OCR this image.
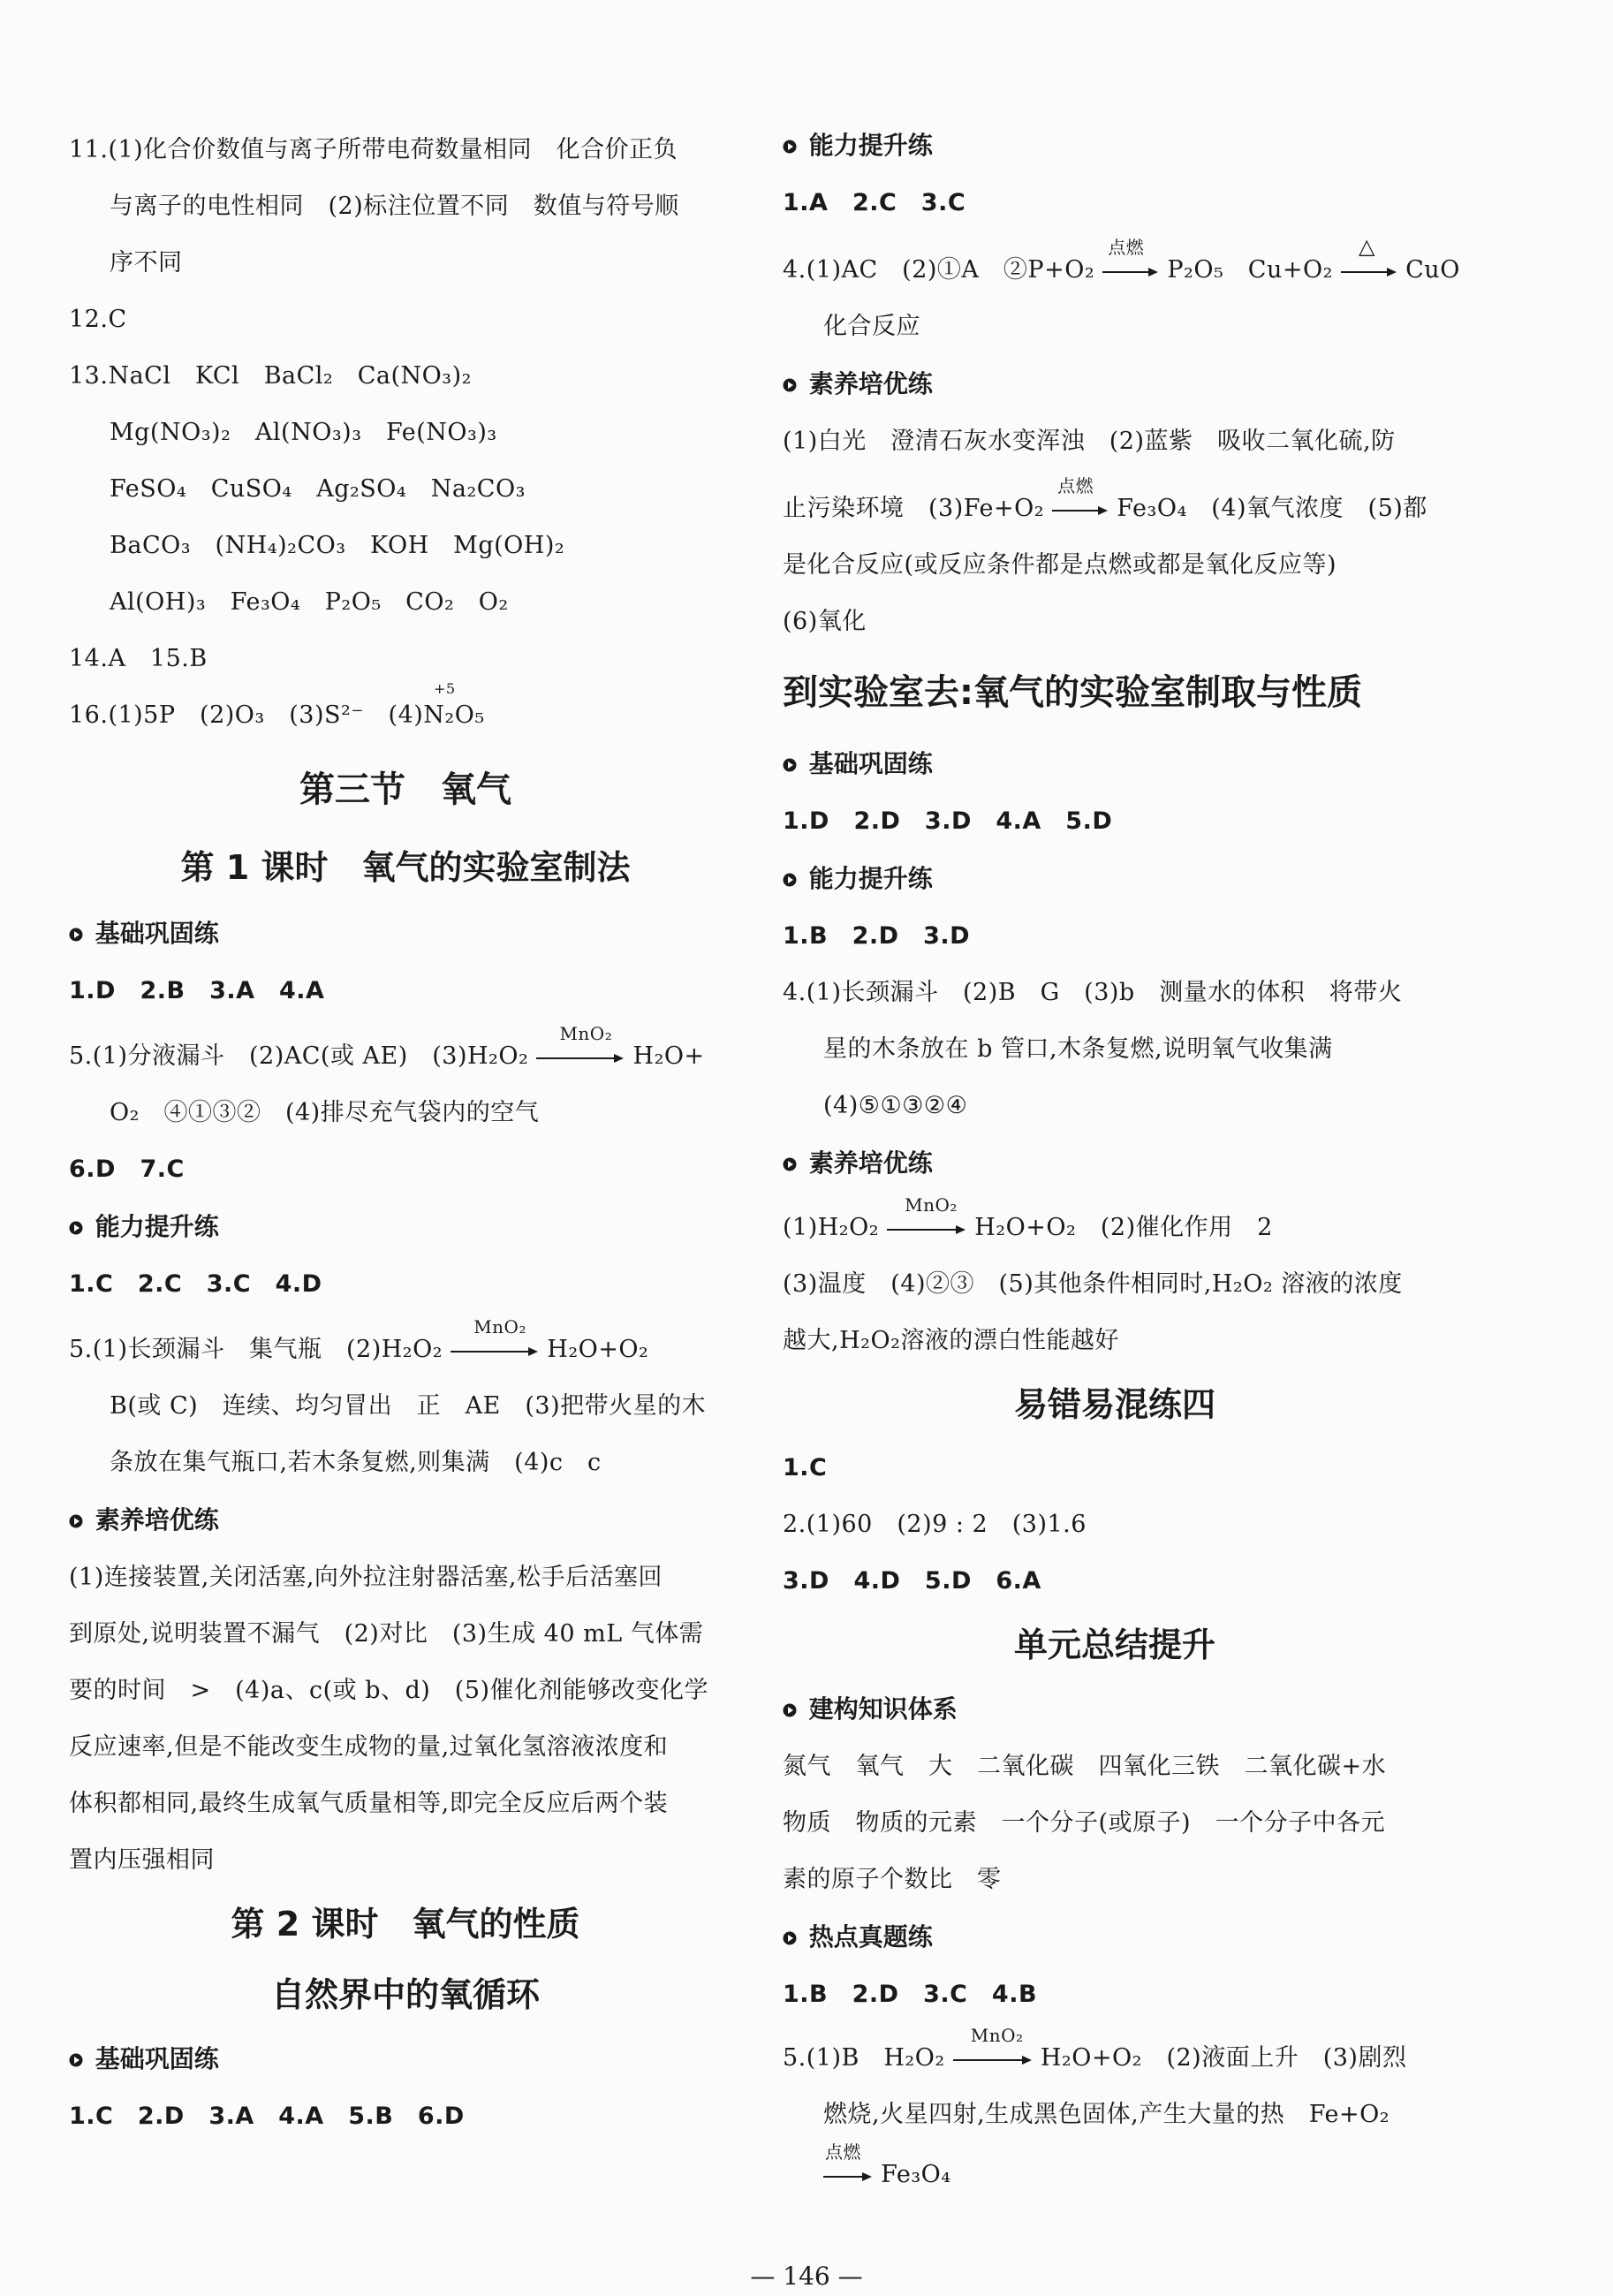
11.(1)化合价数值与离子所带电荷数量相同　化合价正负
与离子的电性相同　(2)标注位置不同　数值与符号顺
序不同
12.C
13.NaCl　KCl　BaCl₂　Ca(NO₃)₂
Mg(NO₃)₂　Al(NO₃)₃　Fe(NO₃)₃
FeSO₄　CuSO₄　Ag₂SO₄　Na₂CO₃
BaCO₃　(NH₄)₂CO₃　KOH　Mg(OH)₂
Al(OH)₃　Fe₃O₄　P₂O₅　CO₂　O₂
14.A　15.B
16.(1)5P　(2)O₃　(3)S²⁻　(4)N₂O₅
+5
第三节　氧气
第 1 课时　氧气的实验室制法
基础巩固练
1.D　2.B　3.A　4.A
5.(1)分液漏斗　(2)AC(或 AE)　(3)H₂O₂
MnO₂
H₂O+
O₂　④①③②　(4)排尽充气袋内的空气
6.D　7.C
能力提升练
1.C　2.C　3.C　4.D
5.(1)长颈漏斗　集气瓶　(2)H₂O₂
MnO₂
H₂O+O₂
B(或 C)　连续、均匀冒出　正　AE　(3)把带火星的木
条放在集气瓶口,若木条复燃,则集满　(4)c　c
素养培优练
(1)连接装置,关闭活塞,向外拉注射器活塞,松手后活塞回
到原处,说明装置不漏气　(2)对比　(3)生成 40 mL 气体需
要的时间　>　(4)a、c(或 b、d)　(5)催化剂能够改变化学
反应速率,但是不能改变生成物的量,过氧化氢溶液浓度和
体积都相同,最终生成氧气质量相等,即完全反应后两个装
置内压强相同
第 2 课时　氧气的性质
自然界中的氧循环
基础巩固练
1.C　2.D　3.A　4.A　5.B　6.D
能力提升练
1.A　2.C　3.C
4.(1)AC　(2)①A　②P+O₂
点燃
P₂O₅　Cu+O₂
△
CuO
化合反应
素养培优练
(1)白光　澄清石灰水变浑浊　(2)蓝紫　吸收二氧化硫,防
止污染环境　(3)Fe+O₂
点燃
Fe₃O₄　(4)氧气浓度　(5)都
是化合反应(或反应条件都是点燃或都是氧化反应等)
(6)氧化
到实验室去:氧气的实验室制取与性质
基础巩固练
1.D　2.D　3.D　4.A　5.D
能力提升练
1.B　2.D　3.D
4.(1)长颈漏斗　(2)B　G　(3)b　测量水的体积　将带火
星的木条放在 b 管口,木条复燃,说明氧气收集满
(4)⑤①③②④
素养培优练
(1)H₂O₂
MnO₂
H₂O+O₂　(2)催化作用　2
(3)温度　(4)②③　(5)其他条件相同时,H₂O₂ 溶液的浓度
越大,H₂O₂溶液的漂白性能越好
易错易混练四
1.C
2.(1)60　(2)9 : 2　(3)1.6
3.D　4.D　5.D　6.A
单元总结提升
建构知识体系
氮气　氧气　大　二氧化碳　四氧化三铁　二氧化碳+水
物质　物质的元素　一个分子(或原子)　一个分子中各元
素的原子个数比　零
热点真题练
1.B　2.D　3.C　4.B
5.(1)B　H₂O₂
MnO₂
H₂O+O₂　(2)液面上升　(3)剧烈
燃烧,火星四射,生成黑色固体,产生大量的热　Fe+O₂
点燃
Fe₃O₄
— 146 —
